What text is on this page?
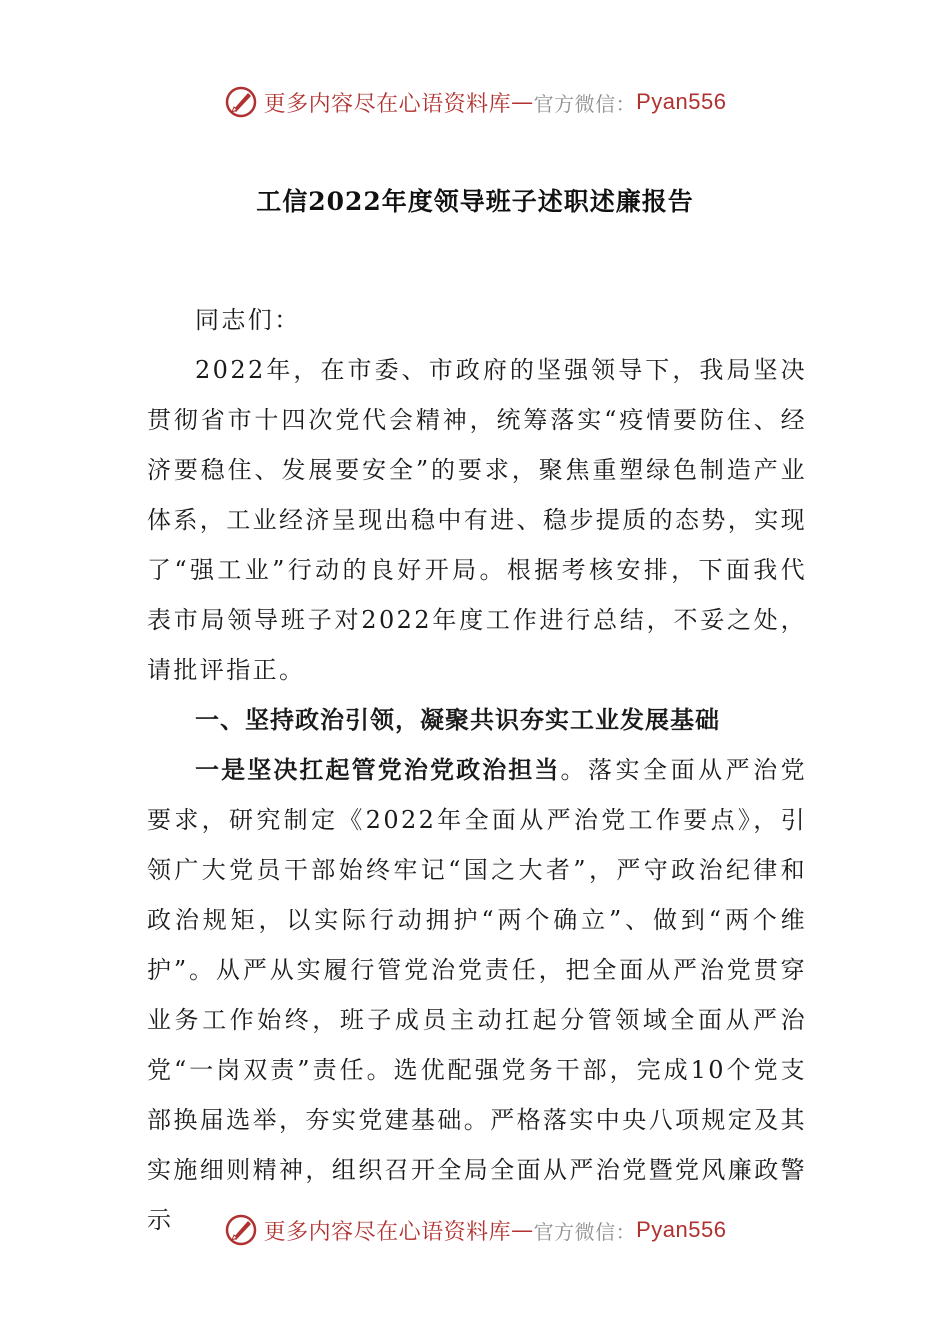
更多内容尽在心语资料库 — 官方微信： Pyan556
工信2022年度领导班子述职述廉报告

同志们：

2022年，在市委、市政府的坚强领导下，我局坚决贯彻省市十四次党代会精神，统筹落实“疫情要防住、经济要稳住、发展要安全”的要求，聚焦重塑绿色制造产业体系，工业经济呈现出稳中有进、稳步提质的态势，实现了“强工业”行动的良好开局。根据考核安排，下面我代表市局领导班子对2022年度工作进行总结，不妥之处，请批评指正。

一、坚持政治引领，凝聚共识夯实工业发展基础

一是坚决扛起管党治党政治担当。落实全面从严治党要求，研究制定《2022年全面从严治党工作要点》，引领广大党员干部始终牢记“国之大者”，严守政治纪律和政治规矩，以实际行动拥护“两个确立”、做到“两个维护”。从严从实履行管党治党责任，把全面从严治党贯穿业务工作始终，班子成员主动扛起分管领域全面从严治党“一岗双责”责任。选优配强党务干部，完成10个党支部换届选举，夯实党建基础。严格落实中央八项规定及其实施细则精神，组织召开全局全面从严治党暨党风廉政警示	更多内容尽在心语资料库 — 官方微信： Pyan556
